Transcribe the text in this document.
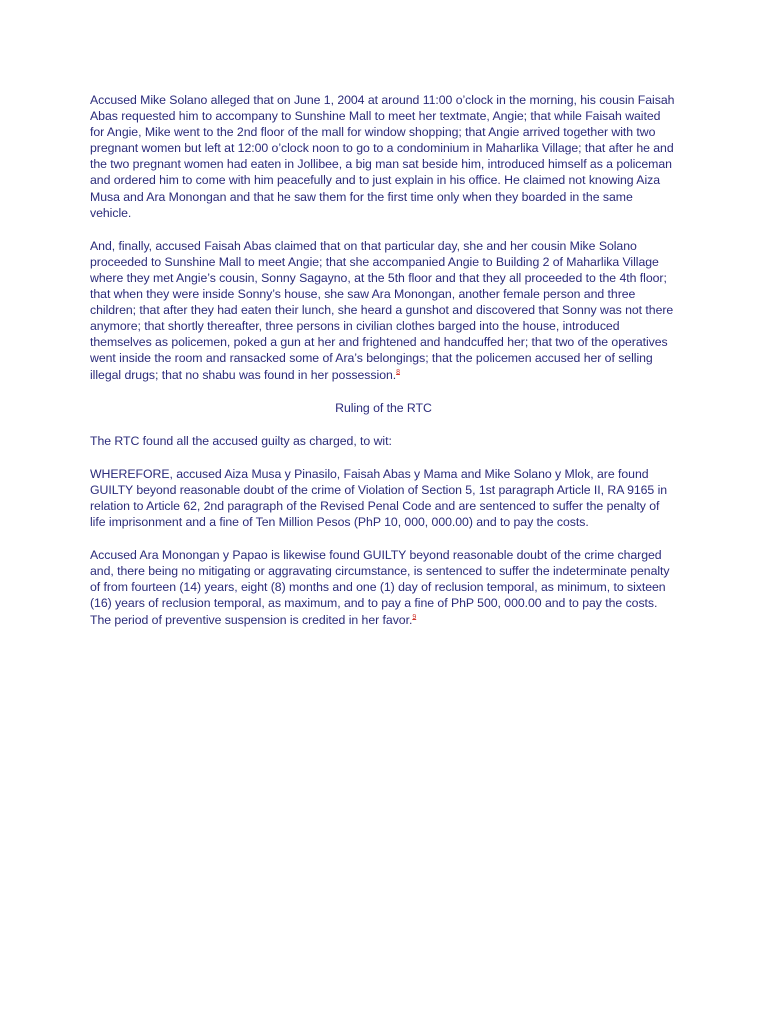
Accused Mike Solano alleged that on June 1, 2004 at around 11:00 o’clock in the morning, his cousin Faisah Abas requested him to accompany to Sunshine Mall to meet her textmate, Angie; that while Faisah waited for Angie, Mike went to the 2nd floor of the mall for window shopping; that Angie arrived together with two pregnant women but left at 12:00 o’clock noon to go to a condominium in Maharlika Village; that after he and the two pregnant women had eaten in Jollibee, a big man sat beside him, introduced himself as a policeman and ordered him to come with him peacefully and to just explain in his office. He claimed not knowing Aiza Musa and Ara Monongan and that he saw them for the first time only when they boarded in the same vehicle.

And, finally, accused Faisah Abas claimed that on that particular day, she and her cousin Mike Solano proceeded to Sunshine Mall to meet Angie; that she accompanied Angie to Building 2 of Maharlika Village where they met Angie’s cousin, Sonny Sagayno, at the 5th floor and that they all proceeded to the 4th floor; that when they were inside Sonny’s house, she saw Ara Monongan, another female person and three children; that after they had eaten their lunch, she heard a gunshot and discovered that Sonny was not there anymore; that shortly thereafter, three persons in civilian clothes barged into the house, introduced themselves as policemen, poked a gun at her and frightened and handcuffed her; that two of the operatives went inside the room and ransacked some of Ara’s belongings; that the policemen accused her of selling illegal drugs; that no shabu was found in her possession.$^8$

Ruling of the RTC

The RTC found all the accused guilty as charged, to wit:

WHEREFORE, accused Aiza Musa y Pinasilo, Faisah Abas y Mama and Mike Solano y Mlok, are found GUILTY beyond reasonable doubt of the crime of Violation of Section 5, 1st paragraph Article II, RA 9165 in relation to Article 62, 2nd paragraph of the Revised Penal Code and are sentenced to suffer the penalty of life imprisonment and a fine of Ten Million Pesos (PhP 10, 000, 000.00) and to pay the costs.

Accused Ara Monongan y Papao is likewise found GUILTY beyond reasonable doubt of the crime charged and, there being no mitigating or aggravating circumstance, is sentenced to suffer the indeterminate penalty of from fourteen (14) years, eight (8) months and one (1) day of reclusion temporal, as minimum, to sixteen (16) years of reclusion temporal, as maximum, and to pay a fine of PhP 500, 000.00 and to pay the costs. The period of preventive suspension is credited in her favor.$^9$
